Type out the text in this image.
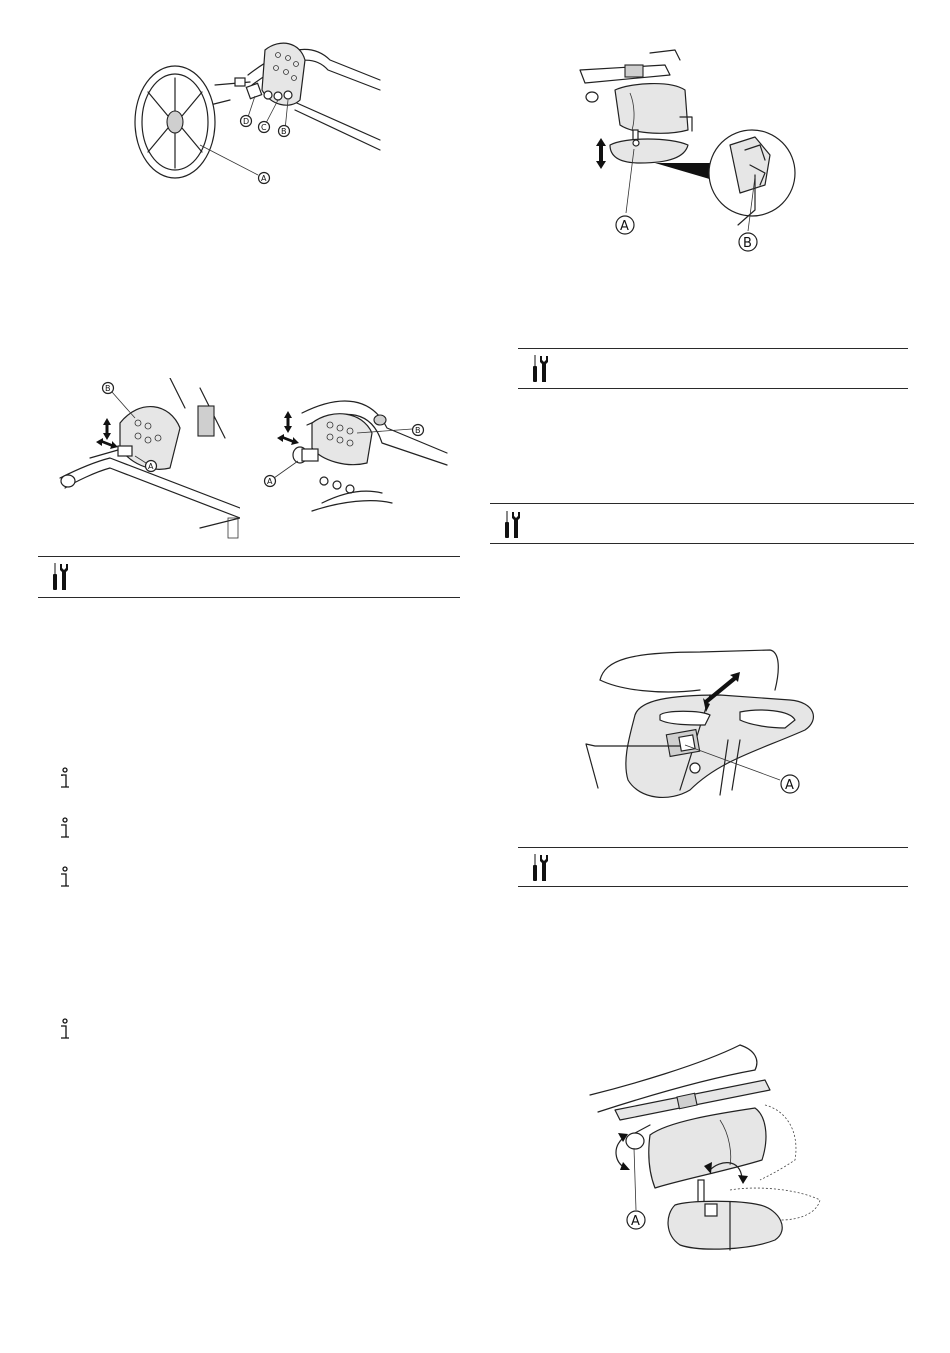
A
B
C
D
B
A
B
A
A
B
A
A
